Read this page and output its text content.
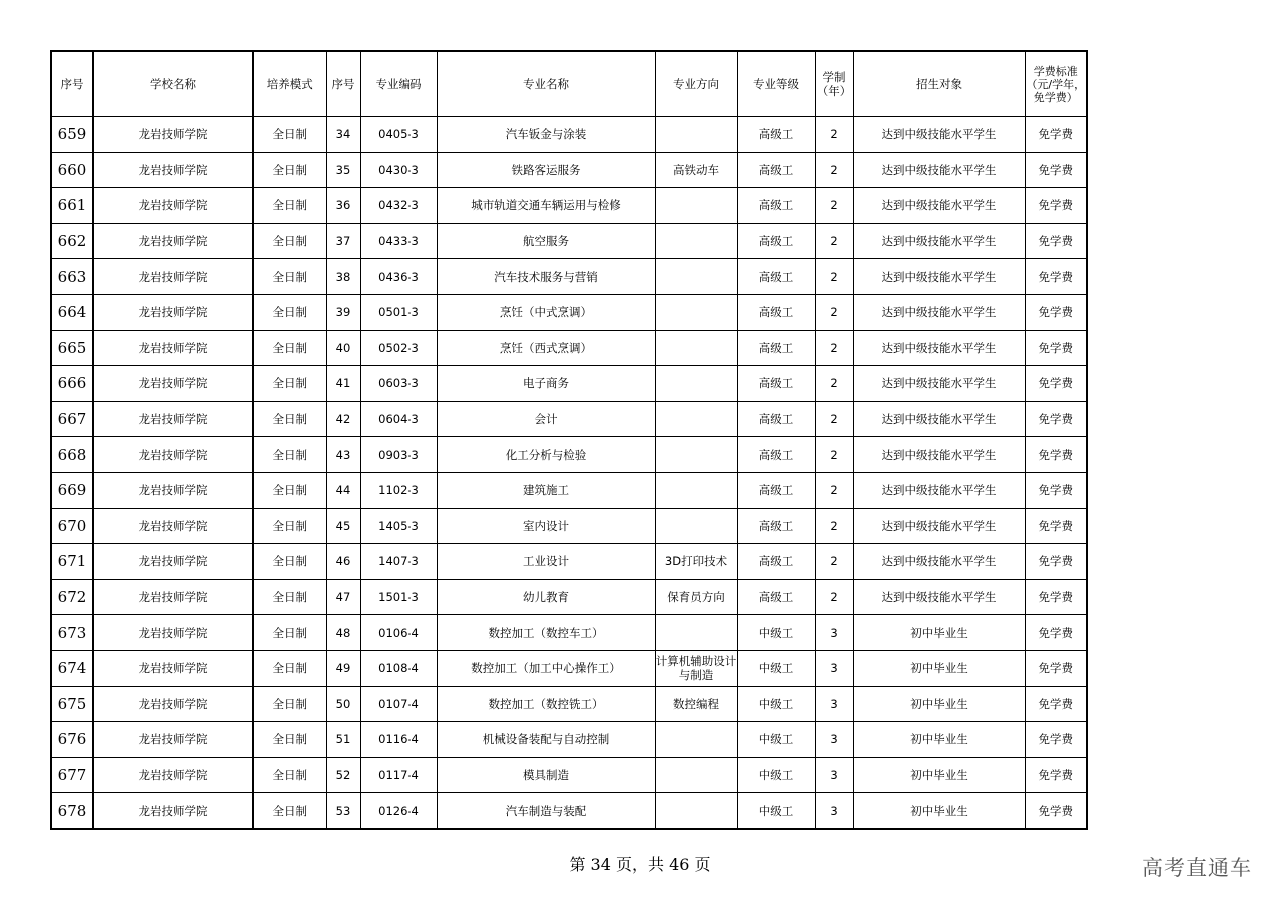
序号	学校名称	培养模式	序号	专业编码	专业名称	专业方向	专业等级	学制（年）	招生对象	学费标准（元/学年，免学费）
659	龙岩技师学院	全日制	34	0405-3	汽车钣金与涂装		高级工	2	达到中级技能水平学生	免学费
660	龙岩技师学院	全日制	35	0430-3	铁路客运服务	高铁动车	高级工	2	达到中级技能水平学生	免学费
661	龙岩技师学院	全日制	36	0432-3	城市轨道交通车辆运用与检修		高级工	2	达到中级技能水平学生	免学费
662	龙岩技师学院	全日制	37	0433-3	航空服务		高级工	2	达到中级技能水平学生	免学费
663	龙岩技师学院	全日制	38	0436-3	汽车技术服务与营销		高级工	2	达到中级技能水平学生	免学费
664	龙岩技师学院	全日制	39	0501-3	烹饪（中式烹调）		高级工	2	达到中级技能水平学生	免学费
665	龙岩技师学院	全日制	40	0502-3	烹饪（西式烹调）		高级工	2	达到中级技能水平学生	免学费
666	龙岩技师学院	全日制	41	0603-3	电子商务		高级工	2	达到中级技能水平学生	免学费
667	龙岩技师学院	全日制	42	0604-3	会计		高级工	2	达到中级技能水平学生	免学费
668	龙岩技师学院	全日制	43	0903-3	化工分析与检验		高级工	2	达到中级技能水平学生	免学费
669	龙岩技师学院	全日制	44	1102-3	建筑施工		高级工	2	达到中级技能水平学生	免学费
670	龙岩技师学院	全日制	45	1405-3	室内设计		高级工	2	达到中级技能水平学生	免学费
671	龙岩技师学院	全日制	46	1407-3	工业设计	3D打印技术	高级工	2	达到中级技能水平学生	免学费
672	龙岩技师学院	全日制	47	1501-3	幼儿教育	保育员方向	高级工	2	达到中级技能水平学生	免学费
673	龙岩技师学院	全日制	48	0106-4	数控加工（数控车工）		中级工	3	初中毕业生	免学费
674	龙岩技师学院	全日制	49	0108-4	数控加工（加工中心操作工）	计算机辅助设计与制造	中级工	3	初中毕业生	免学费
675	龙岩技师学院	全日制	50	0107-4	数控加工（数控铣工）	数控编程	中级工	3	初中毕业生	免学费
676	龙岩技师学院	全日制	51	0116-4	机械设备装配与自动控制		中级工	3	初中毕业生	免学费
677	龙岩技师学院	全日制	52	0117-4	模具制造		中级工	3	初中毕业生	免学费
678	龙岩技师学院	全日制	53	0126-4	汽车制造与装配		中级工	3	初中毕业生	免学费
第 34 页，共 46 页	高考直通车
